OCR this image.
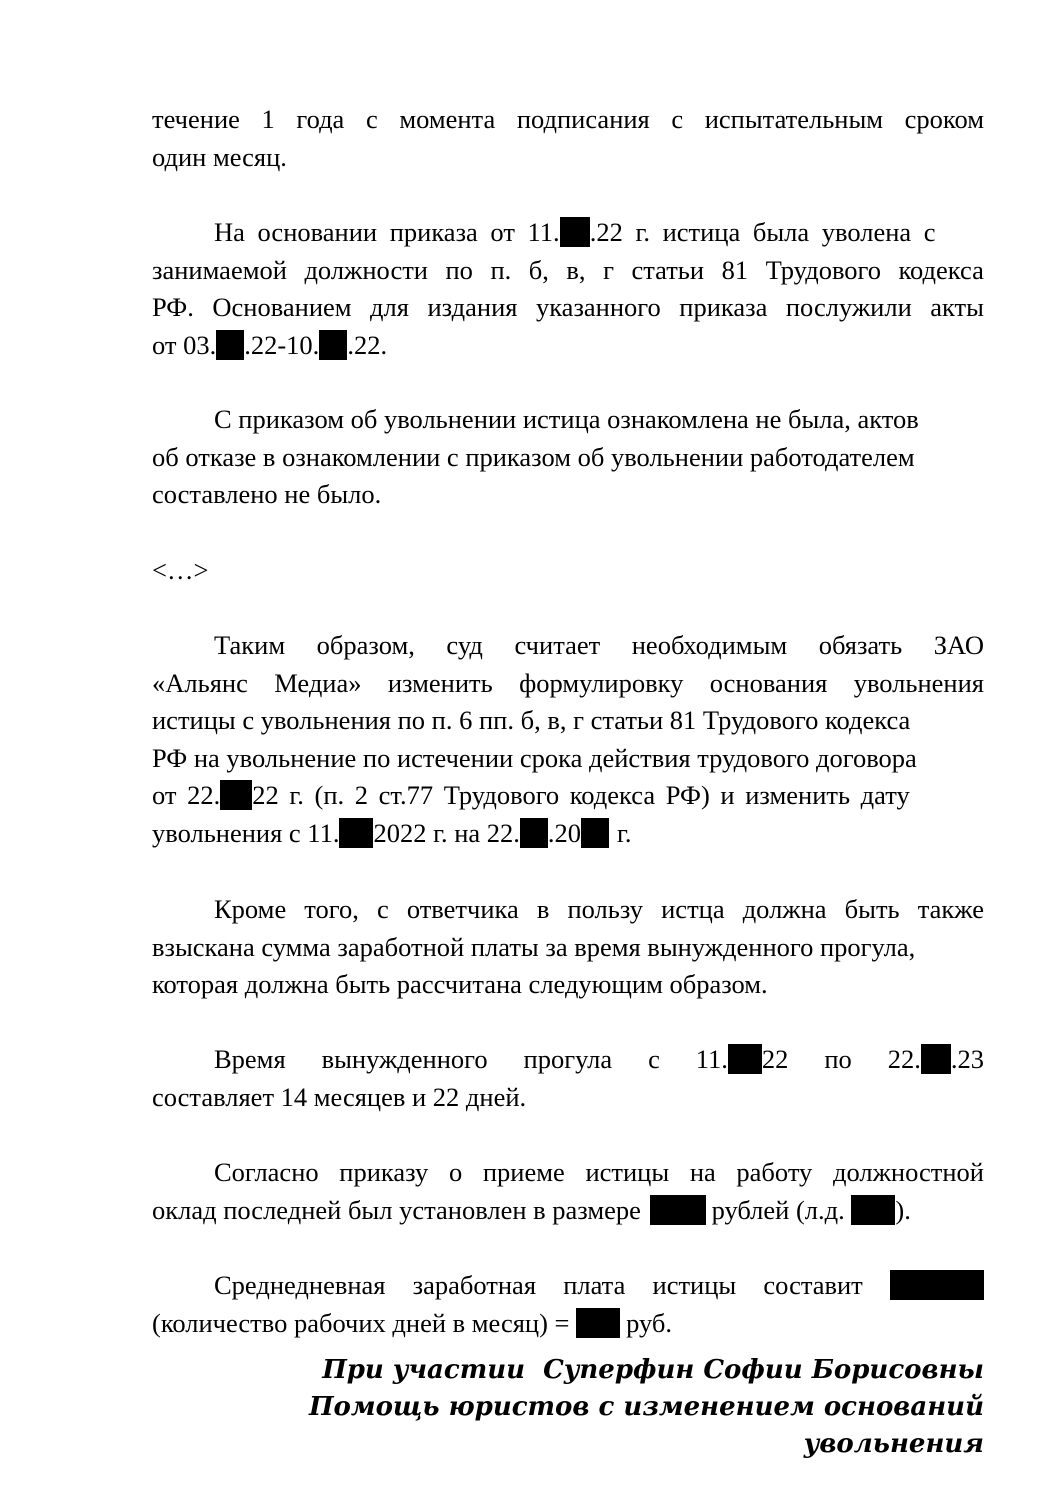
течение 1 года с момента подписания с испытательным сроком
один месяц.
На основании приказа от 11. .22 г. истица была уволена с
занимаемой должности по п. б, в, г статьи 81 Трудового кодекса
РФ. Основанием для издания указанного приказа послужили акты
от 03. .22-10. .22.
С приказом об увольнении истица ознакомлена не была, актов
об отказе в ознакомлении с приказом об увольнении работодателем
составлено не было.
<…>
Таким образом, суд считает необходимым обязать ЗАО
«Альянс Медиа» изменить формулировку основания увольнения
истицы с увольнения по п. 6 пп. б, в, г статьи 81 Трудового кодекса
РФ на увольнение по истечении срока действия трудового договора
от 22. 22 г. (п. 2 ст.77 Трудового кодекса РФ) и изменить дату
увольнения с 11. 2022 г. на 22. .20 г.
Кроме того, с ответчика в пользу истца должна быть также
взыскана сумма заработной платы за время вынужденного прогула,
которая должна быть рассчитана следующим образом.
Время вынужденного прогула с 11. 22 по 22. .23
составляет 14 месяцев и 22 дней.
Согласно приказу о приеме истицы на работу должностной
оклад последней был установлен в размере	рублей (л.д. ).
Среднедневная заработная плата истицы составит
(количество рабочих дней в месяц) = руб.
При участии  Суперфин Софии Борисовны
Помощь юристов с изменением оснований
увольнения
